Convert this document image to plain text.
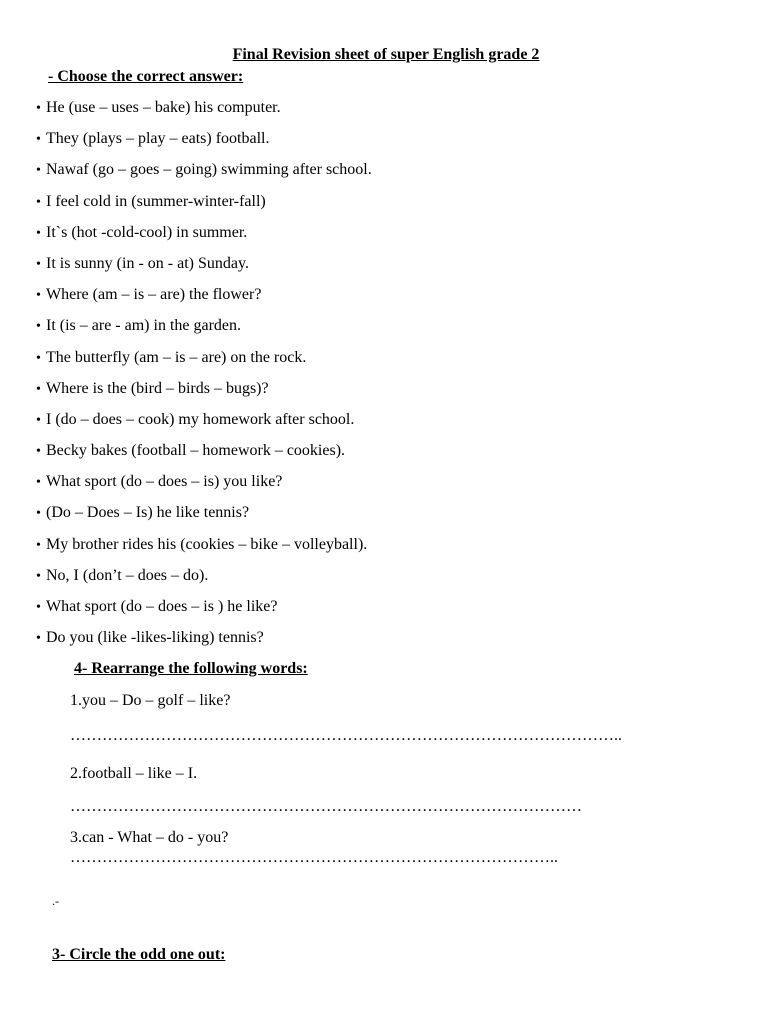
Final Revision sheet of super English grade 2
- Choose the correct answer:
• He (use – uses – bake) his computer.
• They (plays – play – eats) football.
• Nawaf (go – goes – going) swimming after school.
• I feel cold in (summer-winter-fall)
• It`s (hot -cold-cool) in summer.
• It is sunny (in - on - at) Sunday.
• Where (am – is – are) the flower?
• It (is – are - am) in the garden.
• The butterfly (am – is – are) on the rock.
• Where is the (bird – birds – bugs)?
• I (do – does – cook) my homework after school.
• Becky bakes (football – homework – cookies).
• What sport (do – does – is) you like?
• (Do – Does – Is) he like tennis?
• My brother rides his (cookies – bike – volleyball).
• No, I (don’t – does – do).
• What sport (do – does – is ) he like?
• Do you (like -likes-liking) tennis?
4- Rearrange the following words:
1.you – Do – golf – like?
…………………………………………………………………………………………..
2.football – like – I.
……………………………………………………………………………………
3.can - What – do - you?
………………………………………………………………………………..
.-
3- Circle the odd one out:
